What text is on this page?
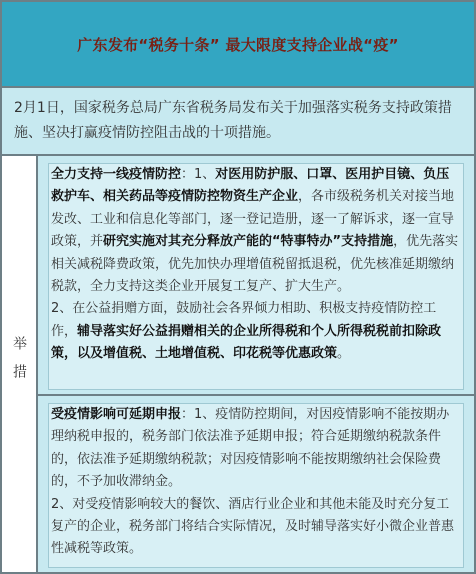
广东发布“税务十条” 最大限度支持企业战“疫”

2月1日，国家税务总局广东省税务局发布关于加强落实税务支持政策措施、坚决打赢疫情防控阻击战的十项措施。

举措

全力支持一线疫情防控：1、对医用防护服、口罩、医用护目镜、负压救护车、相关药品等疫情防控物资生产企业，各市级税务机关对接当地发改、工业和信息化等部门，逐一登记造册，逐一了解诉求，逐一宣导政策，并研究实施对其充分释放产能的“特事特办”支持措施，优先落实相关减税降费政策，优先加快办理增值税留抵退税，优先核准延期缴纳税款，全力支持这类企业开展复工复产、扩大生产。

2、在公益捐赠方面，鼓励社会各界倾力相助、积极支持疫情防控工作，辅导落实好公益捐赠相关的企业所得税和个人所得税税前扣除政策，以及增值税、土地增值税、印花税等优惠政策。

受疫情影响可延期申报：1、疫情防控期间，对因疫情影响不能按期办理纳税申报的，税务部门依法准予延期申报；符合延期缴纳税款条件的，依法准予延期缴纳税款；对因疫情影响不能按期缴纳社会保险费的，不予加收滞纳金。

2、对受疫情影响较大的餐饮、酒店行业企业和其他未能及时充分复工复产的企业，税务部门将结合实际情况，及时辅导落实好小微企业普惠性减税等政策。
